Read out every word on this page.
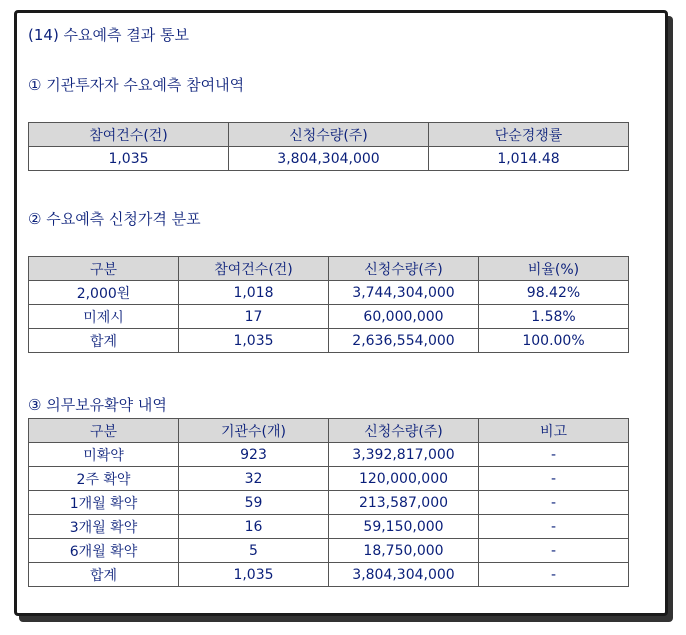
(14) 수요예측 결과 통보
① 기관투자자 수요예측 참여내역
참여건수(건)	신청수량(주)	단순경쟁률
1,035	3,804,304,000	1,014.48
② 수요예측 신청가격 분포
구분	참여건수(건)	신청수량(주)	비율(%)
2,000원	1,018	3,744,304,000	98.42%
미제시	17	60,000,000	1.58%
합계	1,035	2,636,554,000	100.00%
③ 의무보유확약 내역
구분	기관수(개)	신청수량(주)	비고
미확약	923	3,392,817,000	-
2주 확약	32	120,000,000	-
1개월 확약	59	213,587,000	-
3개월 확약	16	59,150,000	-
6개월 확약	5	18,750,000	-
합계	1,035	3,804,304,000	-
